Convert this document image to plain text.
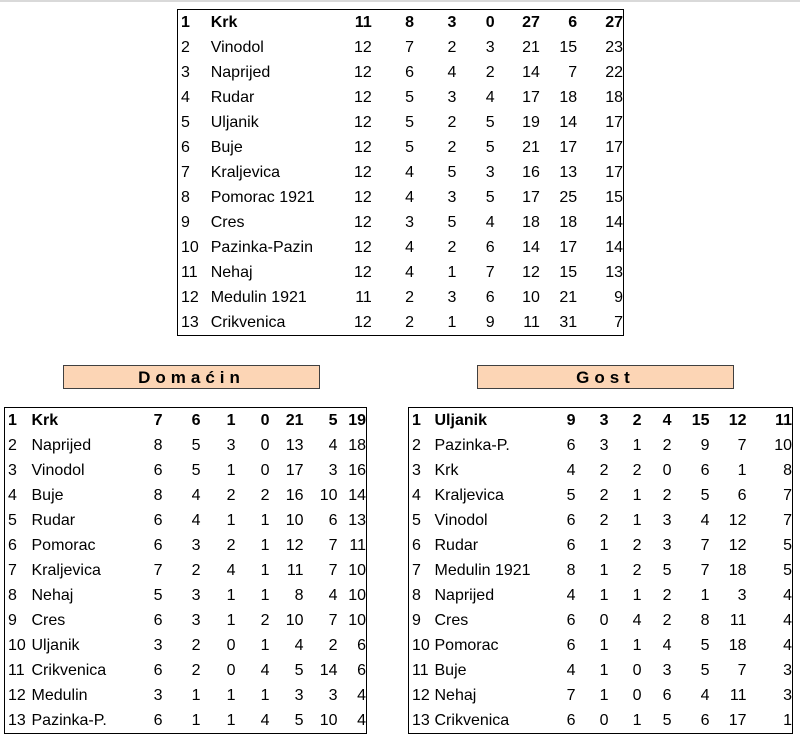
1	Krk	11	8	3	0	27	6	27
2	Vinodol	12	7	2	3	21	15	23
3	Naprijed	12	6	4	2	14	7	22
4	Rudar	12	5	3	4	17	18	18
5	Uljanik	12	5	2	5	19	14	17
6	Buje	12	5	2	5	21	17	17
7	Kraljevica	12	4	5	3	16	13	17
8	Pomorac 1921	12	4	3	5	17	25	15
9	Cres	12	3	5	4	18	18	14
10	Pazinka-Pazin	12	4	2	6	14	17	14
11	Nehaj	12	4	1	7	12	15	13
12	Medulin 1921	11	2	3	6	10	21	9
13	Crikvenica	12	2	1	9	11	31	7
Domaćin	Gost
1	Krk	7	6	1	0	21	5	19
2	Naprijed	8	5	3	0	13	4	18
3	Vinodol	6	5	1	0	17	3	16
4	Buje	8	4	2	2	16	10	14
5	Rudar	6	4	1	1	10	6	13
6	Pomorac	6	3	2	1	12	7	11
7	Kraljevica	7	2	4	1	11	7	10
8	Nehaj	5	3	1	1	8	4	10
9	Cres	6	3	1	2	10	7	10
10	Uljanik	3	2	0	1	4	2	6
11	Crikvenica	6	2	0	4	5	14	6
12	Medulin	3	1	1	1	3	3	4
13	Pazinka-P.	6	1	1	4	5	10	4
1	Uljanik	9	3	2	4	15	12	11
2	Pazinka-P.	6	3	1	2	9	7	10
3	Krk	4	2	2	0	6	1	8
4	Kraljevica	5	2	1	2	5	6	7
5	Vinodol	6	2	1	3	4	12	7
6	Rudar	6	1	2	3	7	12	5
7	Medulin 1921	8	1	2	5	7	18	5
8	Naprijed	4	1	1	2	1	3	4
9	Cres	6	0	4	2	8	11	4
10	Pomorac	6	1	1	4	5	18	4
11	Buje	4	1	0	3	5	7	3
12	Nehaj	7	1	0	6	4	11	3
13	Crikvenica	6	0	1	5	6	17	1
